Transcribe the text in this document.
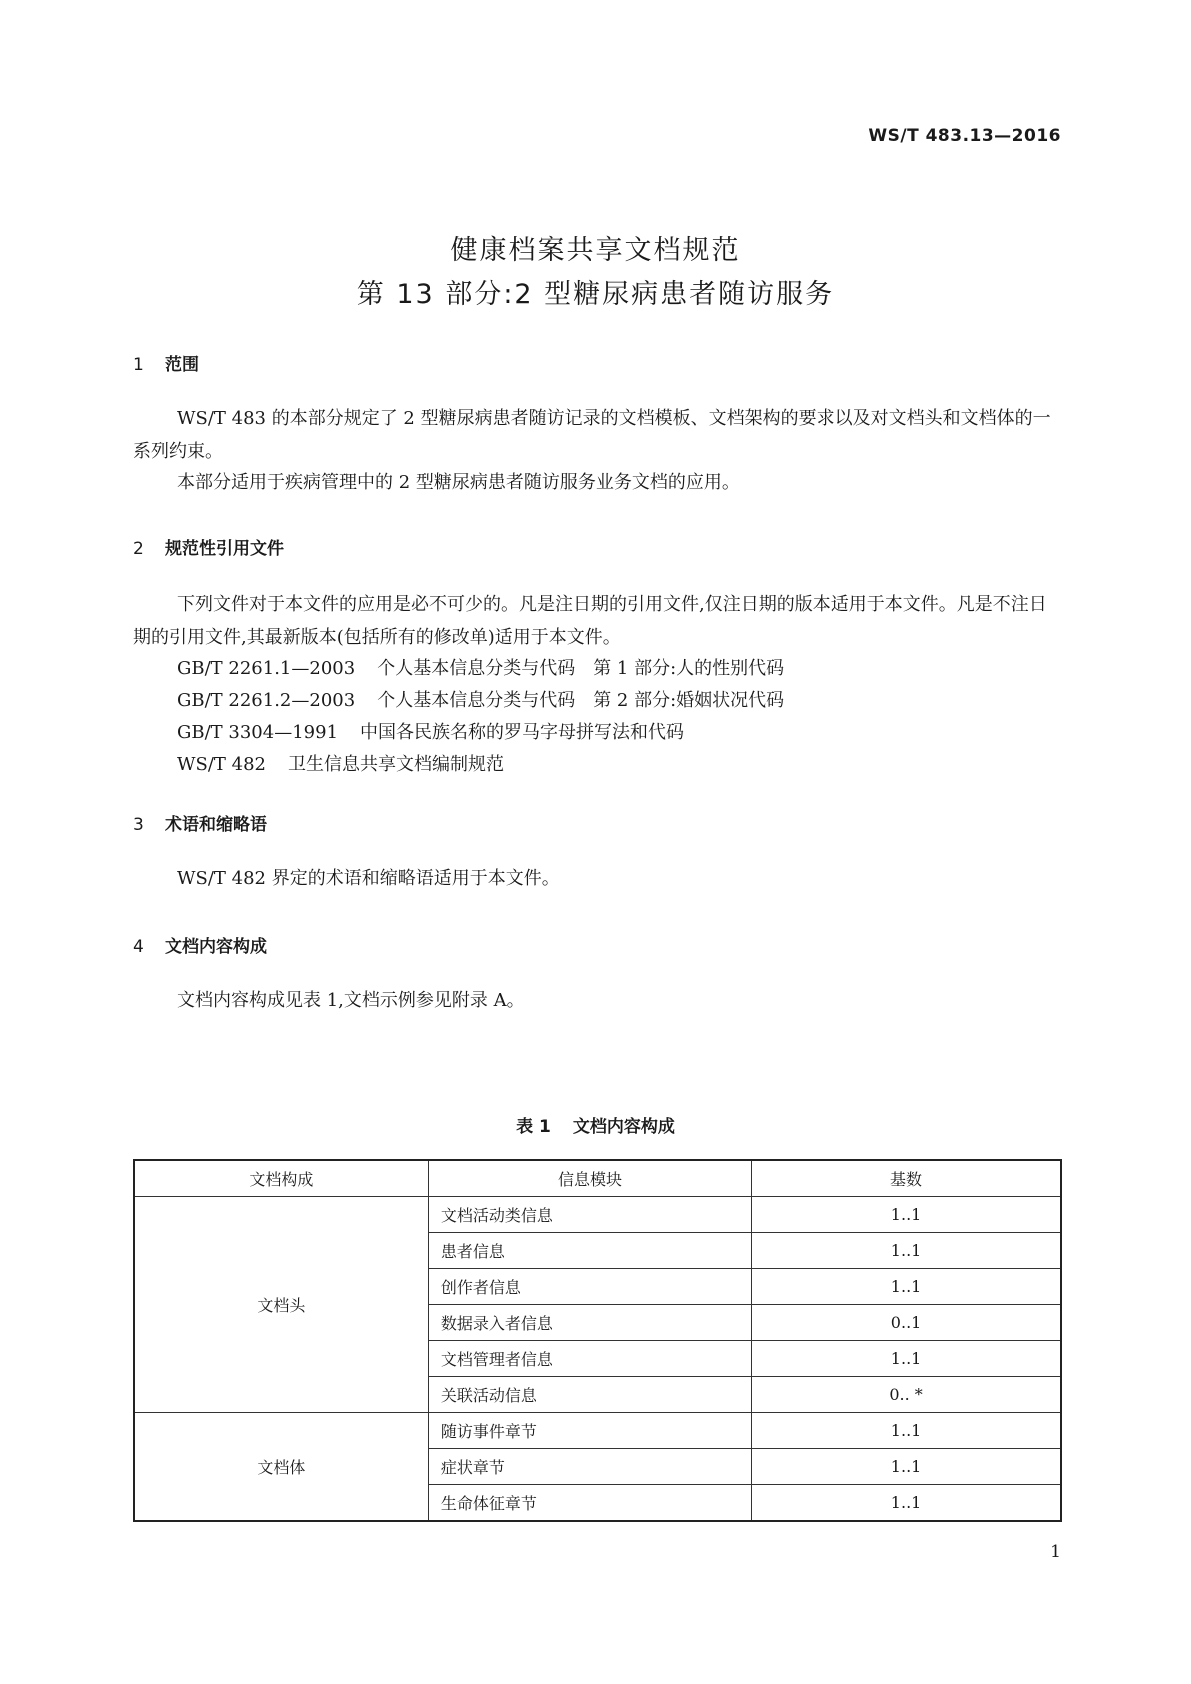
WS/T 483.13—2016
健康档案共享文档规范
第 13 部分:2 型糖尿病患者随访服务
1 范围
WS/T 483 的本部分规定了 2 型糖尿病患者随访记录的文档模板、文档架构的要求以及对文档头和文档体的一系列约束。
本部分适用于疾病管理中的 2 型糖尿病患者随访服务业务文档的应用。
2 规范性引用文件
下列文件对于本文件的应用是必不可少的。凡是注日期的引用文件,仅注日期的版本适用于本文件。凡是不注日期的引用文件,其最新版本(包括所有的修改单)适用于本文件。
GB/T 2261.1—2003 个人基本信息分类与代码　第 1 部分:人的性别代码
GB/T 2261.2—2003 个人基本信息分类与代码　第 2 部分:婚姻状况代码
GB/T 3304—1991 中国各民族名称的罗马字母拼写法和代码
WS/T 482 卫生信息共享文档编制规范
3 术语和缩略语
WS/T 482 界定的术语和缩略语适用于本文件。
4 文档内容构成
文档内容构成见表 1,文档示例参见附录 A。
表 1 文档内容构成
文档构成	信息模块	基数
文档头	文档活动类信息	1..1
	患者信息	1..1
	创作者信息	1..1
	数据录入者信息	0..1
	文档管理者信息	1..1
	关联活动信息	0.. *
文档体	随访事件章节	1..1
	症状章节	1..1
	生命体征章节	1..1
1
